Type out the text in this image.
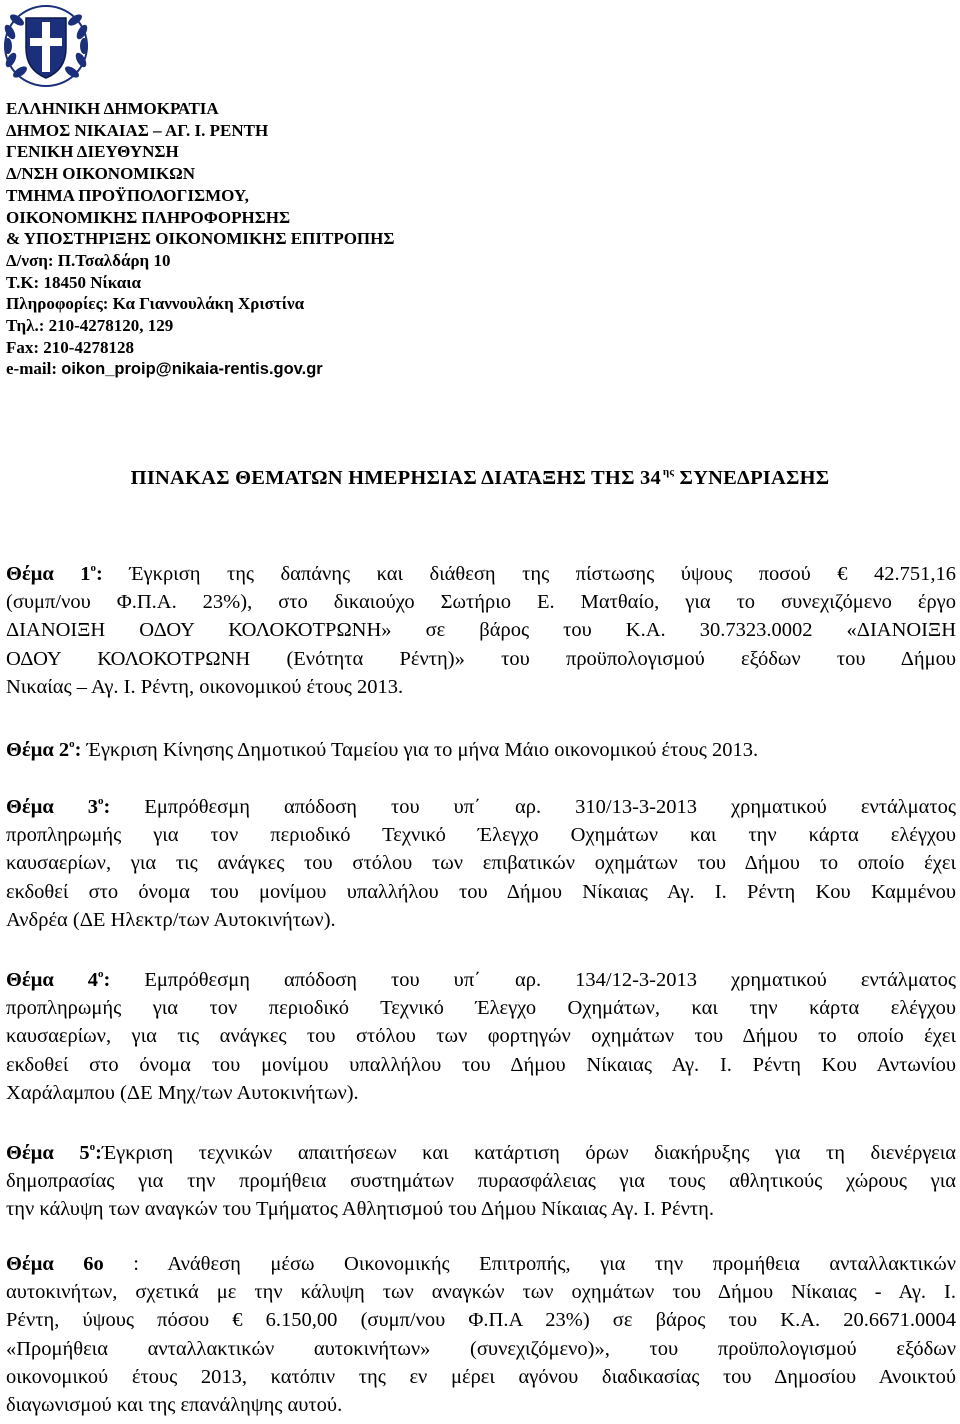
ΕΛΛΗΝΙΚΗ ΔΗΜΟΚΡΑΤΙΑ
ΔΗΜΟΣ ΝΙΚΑΙΑΣ – ΑΓ. Ι. ΡΕΝΤΗ
ΓΕΝΙΚΗ ΔΙΕΥΘΥΝΣΗ
Δ/ΝΣΗ ΟΙΚΟΝΟΜΙΚΩΝ
ΤΜΗΜΑ ΠΡΟΫΠΟΛΟΓΙΣΜΟΥ,
ΟΙΚΟΝΟΜΙΚΗΣ ΠΛΗΡΟΦΟΡΗΣΗΣ
& ΥΠΟΣΤΗΡΙΞΗΣ ΟΙΚΟΝΟΜΙΚΗΣ ΕΠΙΤΡΟΠΗΣ
Δ/νση: Π.Τσαλδάρη 10
Τ.Κ: 18450 Νίκαια
Πληροφορίες: Κα Γιαννουλάκη Χριστίνα
Τηλ.: 210-4278120, 129
Fax: 210-4278128
e-mail: oikon_proip@nikaia-rentis.gov.gr
ΠΙΝΑΚΑΣ ΘΕΜΑΤΩΝ ΗΜΕΡΗΣΙΑΣ ΔΙΑΤΑΞΗΣ ΤΗΣ 34 $^{\eta\varsigma}$ ΣΥΝΕΔΡΙΑΣΗΣ
Θέμα $1^o$: Έγκριση της δαπάνης και διάθεση της πίστωσης ύψους ποσού € 42.751,16
(συμπ/νου Φ.Π.Α. 23%), στο δικαιούχο Σωτήριο Ε. Ματθαίο, για το συνεχιζόμενο έργο
ΔΙΑΝΟΙΞΗ ΟΔΟΥ ΚΟΛΟΚΟΤΡΩΝΗ» σε βάρος του Κ.Α. 30.7323.0002 «ΔΙΑΝΟΙΞΗ
ΟΔΟΥ ΚΟΛΟΚΟΤΡΩΝΗ (Ενότητα Ρέντη)» του προϋπολογισμού εξόδων του Δήμου
Νικαίας – Αγ. Ι. Ρέντη, οικονομικού έτους 2013.
Θέμα $2^o$: Έγκριση Κίνησης Δημοτικού Ταμείου για το μήνα Μάιο οικονομικού έτους 2013.
Θέμα $3^o$: Εμπρόθεσμη απόδοση του υπ΄ αρ. 310/13-3-2013 χρηματικού εντάλματος
προπληρωμής για τον περιοδικό Τεχνικό Έλεγχο Οχημάτων και την κάρτα ελέγχου
καυσαερίων, για τις ανάγκες του στόλου των επιβατικών οχημάτων του Δήμου το οποίο έχει
εκδοθεί στο όνομα του μονίμου υπαλλήλου του Δήμου Νίκαιας Αγ. Ι. Ρέντη Κου Καμμένου
Ανδρέα (ΔΕ Ηλεκτρ/των Αυτοκινήτων).
Θέμα $4^o$: Εμπρόθεσμη απόδοση του υπ΄ αρ. 134/12-3-2013 χρηματικού εντάλματος
προπληρωμής για τον περιοδικό Τεχνικό Έλεγχο Οχημάτων, και την κάρτα ελέγχου
καυσαερίων, για τις ανάγκες του στόλου των φορτηγών οχημάτων του Δήμου το οποίο έχει
εκδοθεί στο όνομα του μονίμου υπαλλήλου του Δήμου Νίκαιας Αγ. Ι. Ρέντη Κου Αντωνίου
Χαράλαμπου (ΔΕ Μηχ/των Αυτοκινήτων).
Θέμα $5^o:Έ\gamma\kappa\rho\iota\sigma\eta$ τεχνικών απαιτήσεων και κατάρτιση όρων διακήρυξης για τη διενέργεια
δημοπρασίας για την προμήθεια συστημάτων πυρασφάλειας για τους αθλητικούς χώρους για
την κάλυψη των αναγκών του Τμήματος Αθλητισμού του Δήμου Νίκαιας Αγ. Ι. Ρέντη.
Θέμα 6ο : Ανάθεση μέσω Οικονομικής Επιτροπής, για την προμήθεια ανταλλακτικών
αυτοκινήτων, σχετικά με την κάλυψη των αναγκών των οχημάτων του Δήμου Νίκαιας - Αγ. Ι.
Ρέντη, ύψους πόσου € 6.150,00 (συμπ/νου Φ.Π.Α 23%) σε βάρος του Κ.Α. 20.6671.0004
«Προμήθεια ανταλλακτικών αυτοκινήτων» (συνεχιζόμενο)», του προϋπολογισμού εξόδων
οικονομικού έτους 2013, κατόπιν της εν μέρει αγόνου διαδικασίας του Δημοσίου Ανοικτού
διαγωνισμού και της επανάληψης αυτού.
